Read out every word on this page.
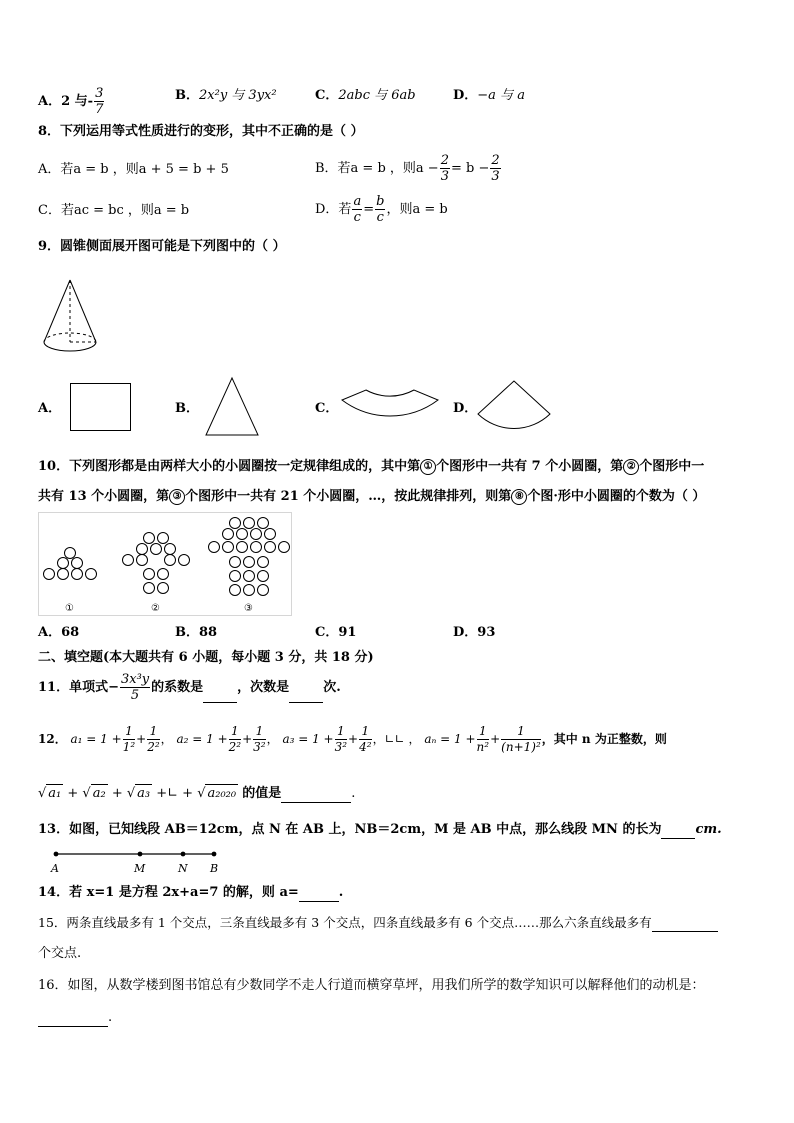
A．2 与- $\frac{3}{7}$	B．2x²y 与 3yx²	C．2abc 与 6ab	D．−a 与 a
8．下列运用等式性质进行的变形，其中不正确的是（ ）
A．若a = b ，则a + 5 = b + 5	B．若a = b ，则$a - \frac{2}{3} = b - \frac{2}{3}$
C．若ac = bc ，则a = b	D．若 $\frac{a}{c} = \frac{b}{c}$ ，则a = b
9．圆锥侧面展开图可能是下列图中的（ ）
A．	B．	C．	D．
10．下列图形都是由两样大小的小圆圈按一定规律组成的，其中第 ① 个图形中一共有 7 个小圆圈，第 ② 个图形中一
共有 13 个小圆圈，第 ③ 个图形中一共有 21 个小圆圈，…，按此规律排列，则第 ⑧ 个图·形中小圆圈的个数为（ ）
①	②	③
A．68	B．88	C．91	D．93
二、填空题(本大题共有 6 小题，每小题 3 分，共 18 分)
11．单项式− $\frac{\text{3x³y}}{5}$ 的系数是	，次数是	次.
12． $a_1 = 1 + \frac{1}{\text{1²}} + \frac{1}{\text{2²}}$ ， $a_2 = 1 + \frac{1}{\text{2²}} + \frac{1}{\text{3²}}$ ， $a_3 = 1 + \frac{1}{\text{3²}} + \frac{1}{\text{4²}}$ ，∟∟ ， $a_n = 1 + \frac{1}{\text{n²}} + \frac{1}{\text{(n+1)²}}$ ，其中 n 为正整数，则
√ a₁ + √ a₂ + √ a₃ +∟ + √ a₂₀₂₀ 的值是	.
13．如图，已知线段 AB＝12cm，点 N 在 AB 上，NB＝2cm，M 是 AB 中点，那么线段 MN 的长为	cm.
A	M	N B
14．若 x=1 是方程 2x+a=7 的解，则 a=	.
15．两条直线最多有 1 个交点，三条直线最多有 3 个交点，四条直线最多有 6 个交点……那么六条直线最多有
个交点.
16．如图，从数学楼到图书馆总有少数同学不走人行道而横穿草坪，用我们所学的数学知识可以解释他们的动机是：
.
